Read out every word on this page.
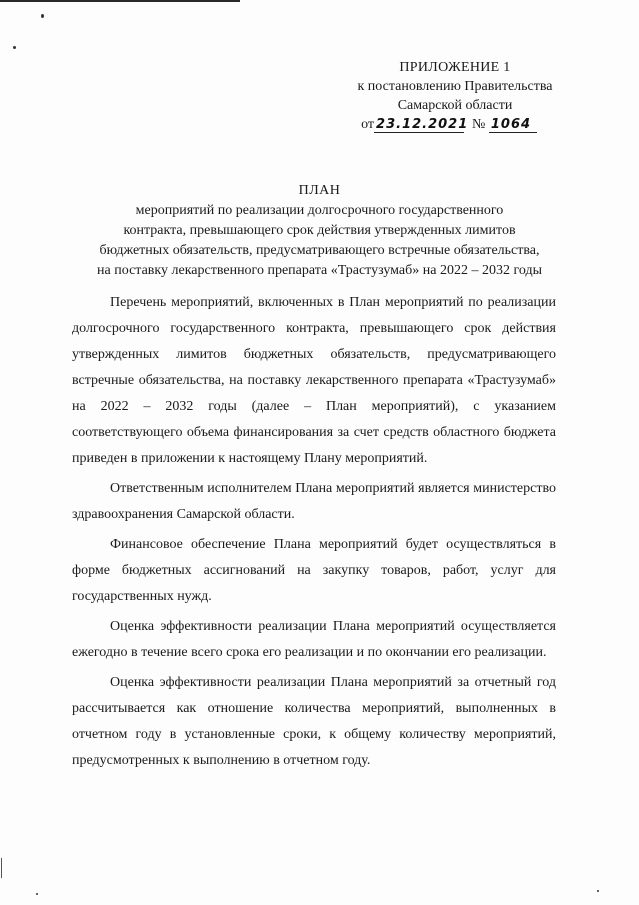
ПРИЛОЖЕНИЕ 1
к постановлению Правительства
Самарской области
от 23.12.2021 № 1064
ПЛАН
мероприятий по реализации долгосрочного государственного
контракта, превышающего срок действия утвержденных лимитов
бюджетных обязательств, предусматривающего встречные обязательства,
на поставку лекарственного препарата «Трастузумаб» на 2022 – 2032 годы

Перечень мероприятий, включенных в План мероприятий по реализации долгосрочного государственного контракта, превышающего срок действия утвержденных лимитов бюджетных обязательств, предусматривающего встречные обязательства, на поставку лекарственного препарата «Трастузумаб» на 2022 – 2032 годы (далее – План мероприятий), с указанием соответствующего объема финансирования за счет средств областного бюджета приведен в приложении к настоящему Плану мероприятий.

Ответственным исполнителем Плана мероприятий является министерство здравоохранения Самарской области.

Финансовое обеспечение Плана мероприятий будет осуществляться в форме бюджетных ассигнований на закупку товаров, работ, услуг для государственных нужд.

Оценка эффективности реализации Плана мероприятий осуществляется ежегодно в течение всего срока его реализации и по окончании его реализации.

Оценка эффективности реализации Плана мероприятий за отчетный год рассчитывается как отношение количества мероприятий, выполненных в отчетном году в установленные сроки, к общему количеству мероприятий, предусмотренных к выполнению в отчетном году.
